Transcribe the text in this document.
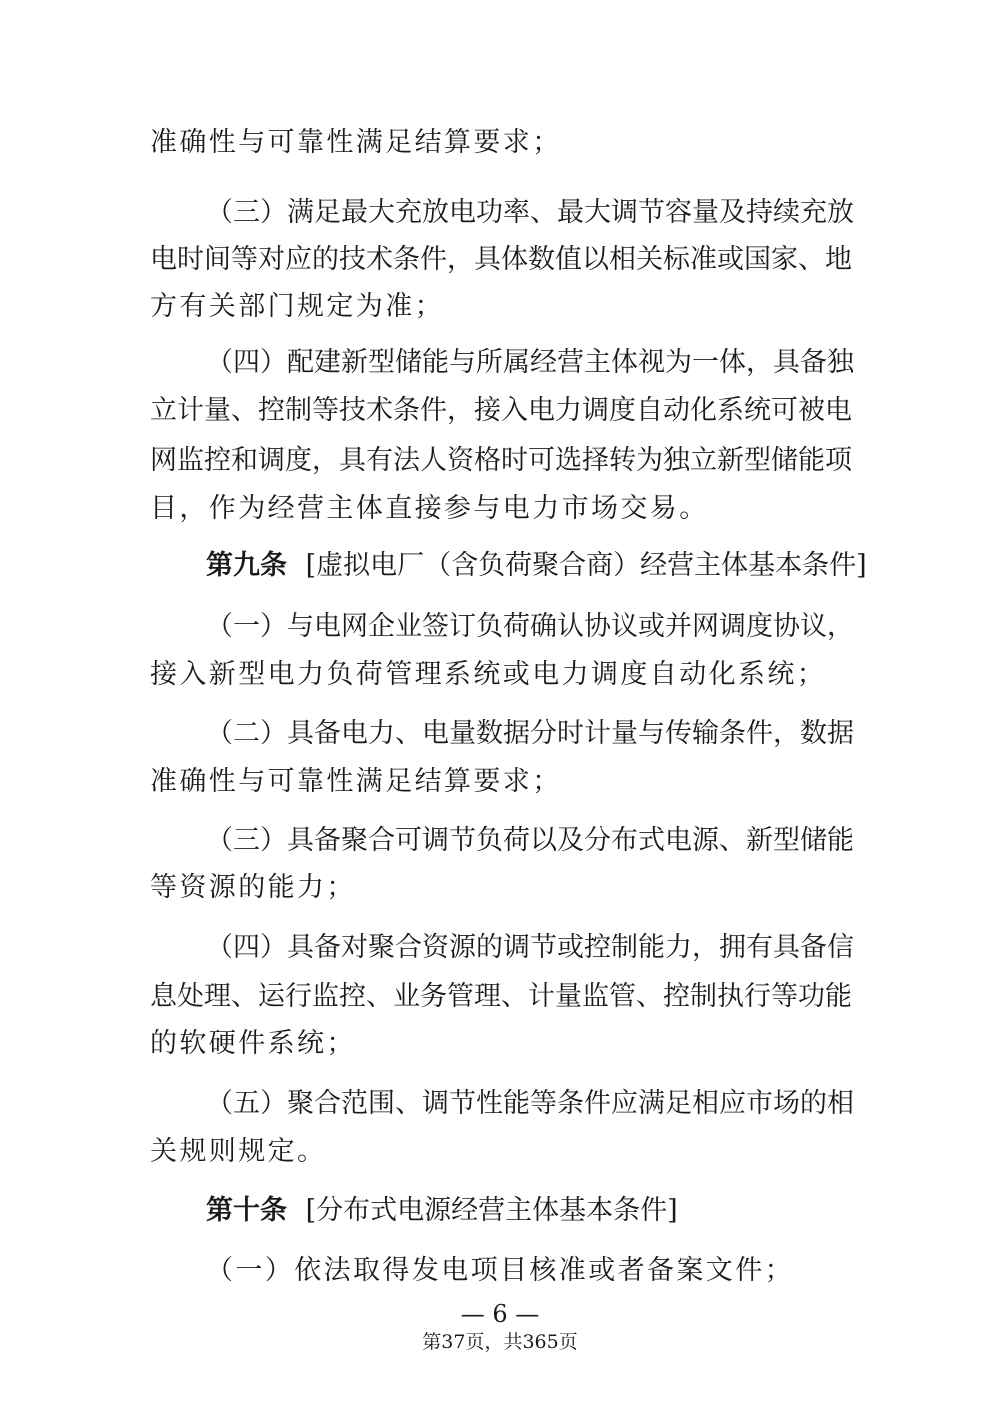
准确性与可靠性满足结算要求；
（三）满足最大充放电功率、最大调节容量及持续充放
电时间等对应的技术条件，具体数值以相关标准或国家、地
方有关部门规定为准；
（四）配建新型储能与所属经营主体视为一体，具备独
立计量、控制等技术条件，接入电力调度自动化系统可被电
网监控和调度，具有法人资格时可选择转为独立新型储能项
目，作为经营主体直接参与电力市场交易。
第九条 [虚拟电厂（含负荷聚合商）经营主体基本条件]
（一）与电网企业签订负荷确认协议或并网调度协议，
接入新型电力负荷管理系统或电力调度自动化系统；
（二）具备电力、电量数据分时计量与传输条件，数据
准确性与可靠性满足结算要求；
（三）具备聚合可调节负荷以及分布式电源、新型储能
等资源的能力；
（四）具备对聚合资源的调节或控制能力，拥有具备信
息处理、运行监控、业务管理、计量监管、控制执行等功能
的软硬件系统；
（五）聚合范围、调节性能等条件应满足相应市场的相
关规则规定。
第十条 [分布式电源经营主体基本条件]
（一）依法取得发电项目核准或者备案文件；
— 6 —
第37页，共365页
